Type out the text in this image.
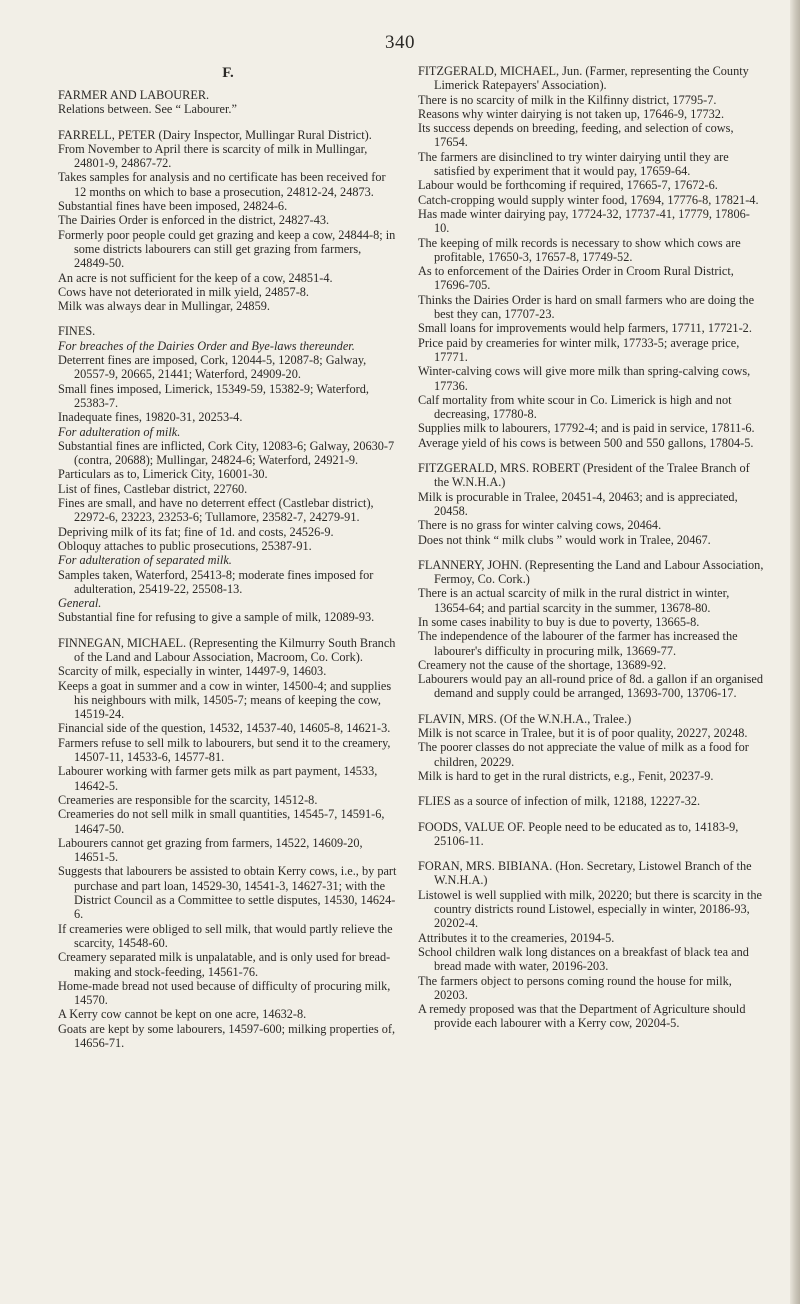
340
F.

FARMER AND LABOURER.

Relations between. See “ Labourer.”

FARRELL, PETER (Dairy Inspector, Mullingar Rural District).

From November to April there is scarcity of milk in Mullingar, 24801-9, 24867-72.

Takes samples for analysis and no certificate has been received for 12 months on which to base a prosecution, 24812-24, 24873.

Substantial fines have been imposed, 24824-6.

The Dairies Order is enforced in the district, 24827-43.

Formerly poor people could get grazing and keep a cow, 24844-8; in some districts labourers can still get grazing from farmers, 24849-50.

An acre is not sufficient for the keep of a cow, 24851-4.

Cows have not deteriorated in milk yield, 24857-8.

Milk was always dear in Mullingar, 24859.

FINES.

For breaches of the Dairies Order and Bye-laws thereunder.

Deterrent fines are imposed, Cork, 12044-5, 12087-8; Galway, 20557-9, 20665, 21441; Waterford, 24909-20.

Small fines imposed, Limerick, 15349-59, 15382-9; Waterford, 25383-7.

Inadequate fines, 19820-31, 20253-4.

For adulteration of milk.

Substantial fines are inflicted, Cork City, 12083-6; Galway, 20630-7 (contra, 20688); Mullingar, 24824-6; Waterford, 24921-9.

Particulars as to, Limerick City, 16001-30.

List of fines, Castlebar district, 22760.

Fines are small, and have no deterrent effect (Castlebar district), 22972-6, 23223, 23253-6; Tullamore, 23582-7, 24279-91.

Depriving milk of its fat; fine of 1d. and costs, 24526-9.

Obloquy attaches to public prosecutions, 25387-91.

For adulteration of separated milk.

Samples taken, Waterford, 25413-8; moderate fines imposed for adulteration, 25419-22, 25508-13.

General.

Substantial fine for refusing to give a sample of milk, 12089-93.

FINNEGAN, MICHAEL. (Representing the Kilmurry South Branch of the Land and Labour Association, Macroom, Co. Cork).

Scarcity of milk, especially in winter, 14497-9, 14603.

Keeps a goat in summer and a cow in winter, 14500-4; and supplies his neighbours with milk, 14505-7; means of keeping the cow, 14519-24.

Financial side of the question, 14532, 14537-40, 14605-8, 14621-3.

Farmers refuse to sell milk to labourers, but send it to the creamery, 14507-11, 14533-6, 14577-81.

Labourer working with farmer gets milk as part payment, 14533, 14642-5.

Creameries are responsible for the scarcity, 14512-8.

Creameries do not sell milk in small quantities, 14545-7, 14591-6, 14647-50.

Labourers cannot get grazing from farmers, 14522, 14609-20, 14651-5.

Suggests that labourers be assisted to obtain Kerry cows, i.e., by part purchase and part loan, 14529-30, 14541-3, 14627-31; with the District Council as a Committee to settle disputes, 14530, 14624-6.

If creameries were obliged to sell milk, that would partly relieve the scarcity, 14548-60.

Creamery separated milk is unpalatable, and is only used for bread-making and stock-feeding, 14561-76.

Home-made bread not used because of difficulty of procuring milk, 14570.

A Kerry cow cannot be kept on one acre, 14632-8.

Goats are kept by some labourers, 14597-600; milking properties of, 14656-71.

FITZGERALD, MICHAEL, Jun. (Farmer, representing the County Limerick Ratepayers' Association).

There is no scarcity of milk in the Kilfinny district, 17795-7.

Reasons why winter dairying is not taken up, 17646-9, 17732.

Its success depends on breeding, feeding, and selection of cows, 17654.

The farmers are disinclined to try winter dairying until they are satisfied by experiment that it would pay, 17659-64.

Labour would be forthcoming if required, 17665-7, 17672-6.

Catch-cropping would supply winter food, 17694, 17776-8, 17821-4.

Has made winter dairying pay, 17724-32, 17737-41, 17779, 17806-10.

The keeping of milk records is necessary to show which cows are profitable, 17650-3, 17657-8, 17749-52.

As to enforcement of the Dairies Order in Croom Rural District, 17696-705.

Thinks the Dairies Order is hard on small farmers who are doing the best they can, 17707-23.

Small loans for improvements would help farmers, 17711, 17721-2.

Price paid by creameries for winter milk, 17733-5; average price, 17771.

Winter-calving cows will give more milk than spring-calving cows, 17736.

Calf mortality from white scour in Co. Limerick is high and not decreasing, 17780-8.

Supplies milk to labourers, 17792-4; and is paid in service, 17811-6.

Average yield of his cows is between 500 and 550 gallons, 17804-5.

FITZGERALD, MRS. ROBERT (President of the Tralee Branch of the W.N.H.A.)

Milk is procurable in Tralee, 20451-4, 20463; and is appreciated, 20458.

There is no grass for winter calving cows, 20464.

Does not think “ milk clubs ” would work in Tralee, 20467.

FLANNERY, JOHN. (Representing the Land and Labour Association, Fermoy, Co. Cork.)

There is an actual scarcity of milk in the rural district in winter, 13654-64; and partial scarcity in the summer, 13678-80.

In some cases inability to buy is due to poverty, 13665-8.

The independence of the labourer of the farmer has increased the labourer's difficulty in procuring milk, 13669-77.

Creamery not the cause of the shortage, 13689-92.

Labourers would pay an all-round price of 8d. a gallon if an organised demand and supply could be arranged, 13693-700, 13706-17.

FLAVIN, MRS. (Of the W.N.H.A., Tralee.)

Milk is not scarce in Tralee, but it is of poor quality, 20227, 20248.

The poorer classes do not appreciate the value of milk as a food for children, 20229.

Milk is hard to get in the rural districts, e.g., Fenit, 20237-9.

FLIES as a source of infection of milk, 12188, 12227-32.

FOODS, VALUE OF. People need to be educated as to, 14183-9, 25106-11.

FORAN, MRS. BIBIANA. (Hon. Secretary, Listowel Branch of the W.N.H.A.)

Listowel is well supplied with milk, 20220; but there is scarcity in the country districts round Listowel, especially in winter, 20186-93, 20202-4.

Attributes it to the creameries, 20194-5.

School children walk long distances on a breakfast of black tea and bread made with water, 20196-203.

The farmers object to persons coming round the house for milk, 20203.

A remedy proposed was that the Department of Agriculture should provide each labourer with a Kerry cow, 20204-5.
